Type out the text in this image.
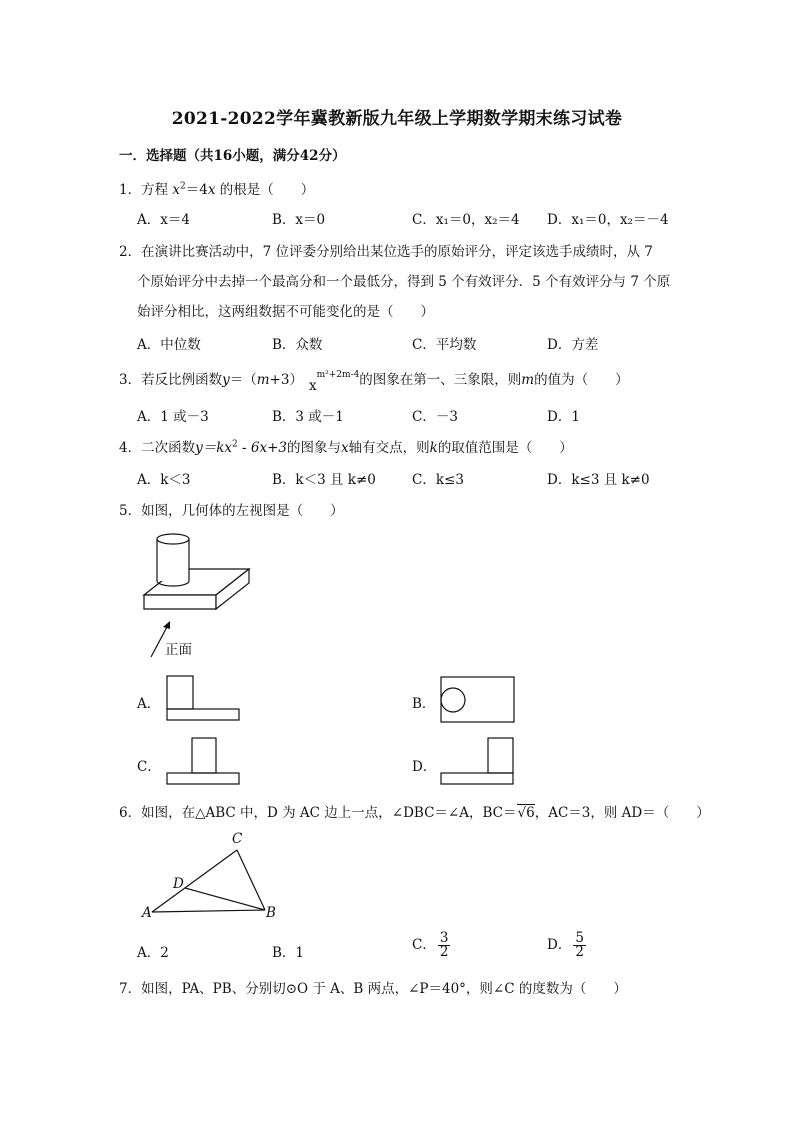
2021-2022学年冀教新版九年级上学期数学期末练习试卷
一．选择题（共16小题，满分42分）
1．方程 $x^2=4x$ 的根是（　　）
A．x＝4	B．x＝0	C．x₁＝0，x₂＝4 D．x₁＝0，x₂＝－4
2．在演讲比赛活动中，7 位评委分别给出某位选手的原始评分，评定该选手成绩时，从 7
个原始评分中去掉一个最高分和一个最低分，得到 5 个有效评分．5 个有效评分与 7 个原
始评分相比，这两组数据不可能变化的是（　　）
A．中位数	B．众数	C．平均数	D．方差
3．若反比例函数y＝（m+3） $x^{m^2+2m-4}$的图象在第一、三象限，则m的值为（　　）
A．1 或－3	B．3 或－1	C．－3	D．1
4．二次函数$y=kx^2 - 6x+3$的图象与x轴有交点，则k的取值范围是（　　）
A．k＜3	B．k＜3 且 k≠0	C．k≤3	D．k≤3 且 k≠0
5．如图，几何体的左视图是（　　）
正面
A．	B．
C．	D．
6．如图，在△ABC 中，D 为 AC 边上一点，∠DBC＝∠A，BC＝√6，AC＝3，则 AD＝（　　）
C
D
A	B
A．2	B．1	C． $\frac{3}{2}$	D． $\frac{5}{2}$
7．如图，PA、PB、分别切⊙O 于 A、B 两点，∠P＝40°，则∠C 的度数为（　　）
